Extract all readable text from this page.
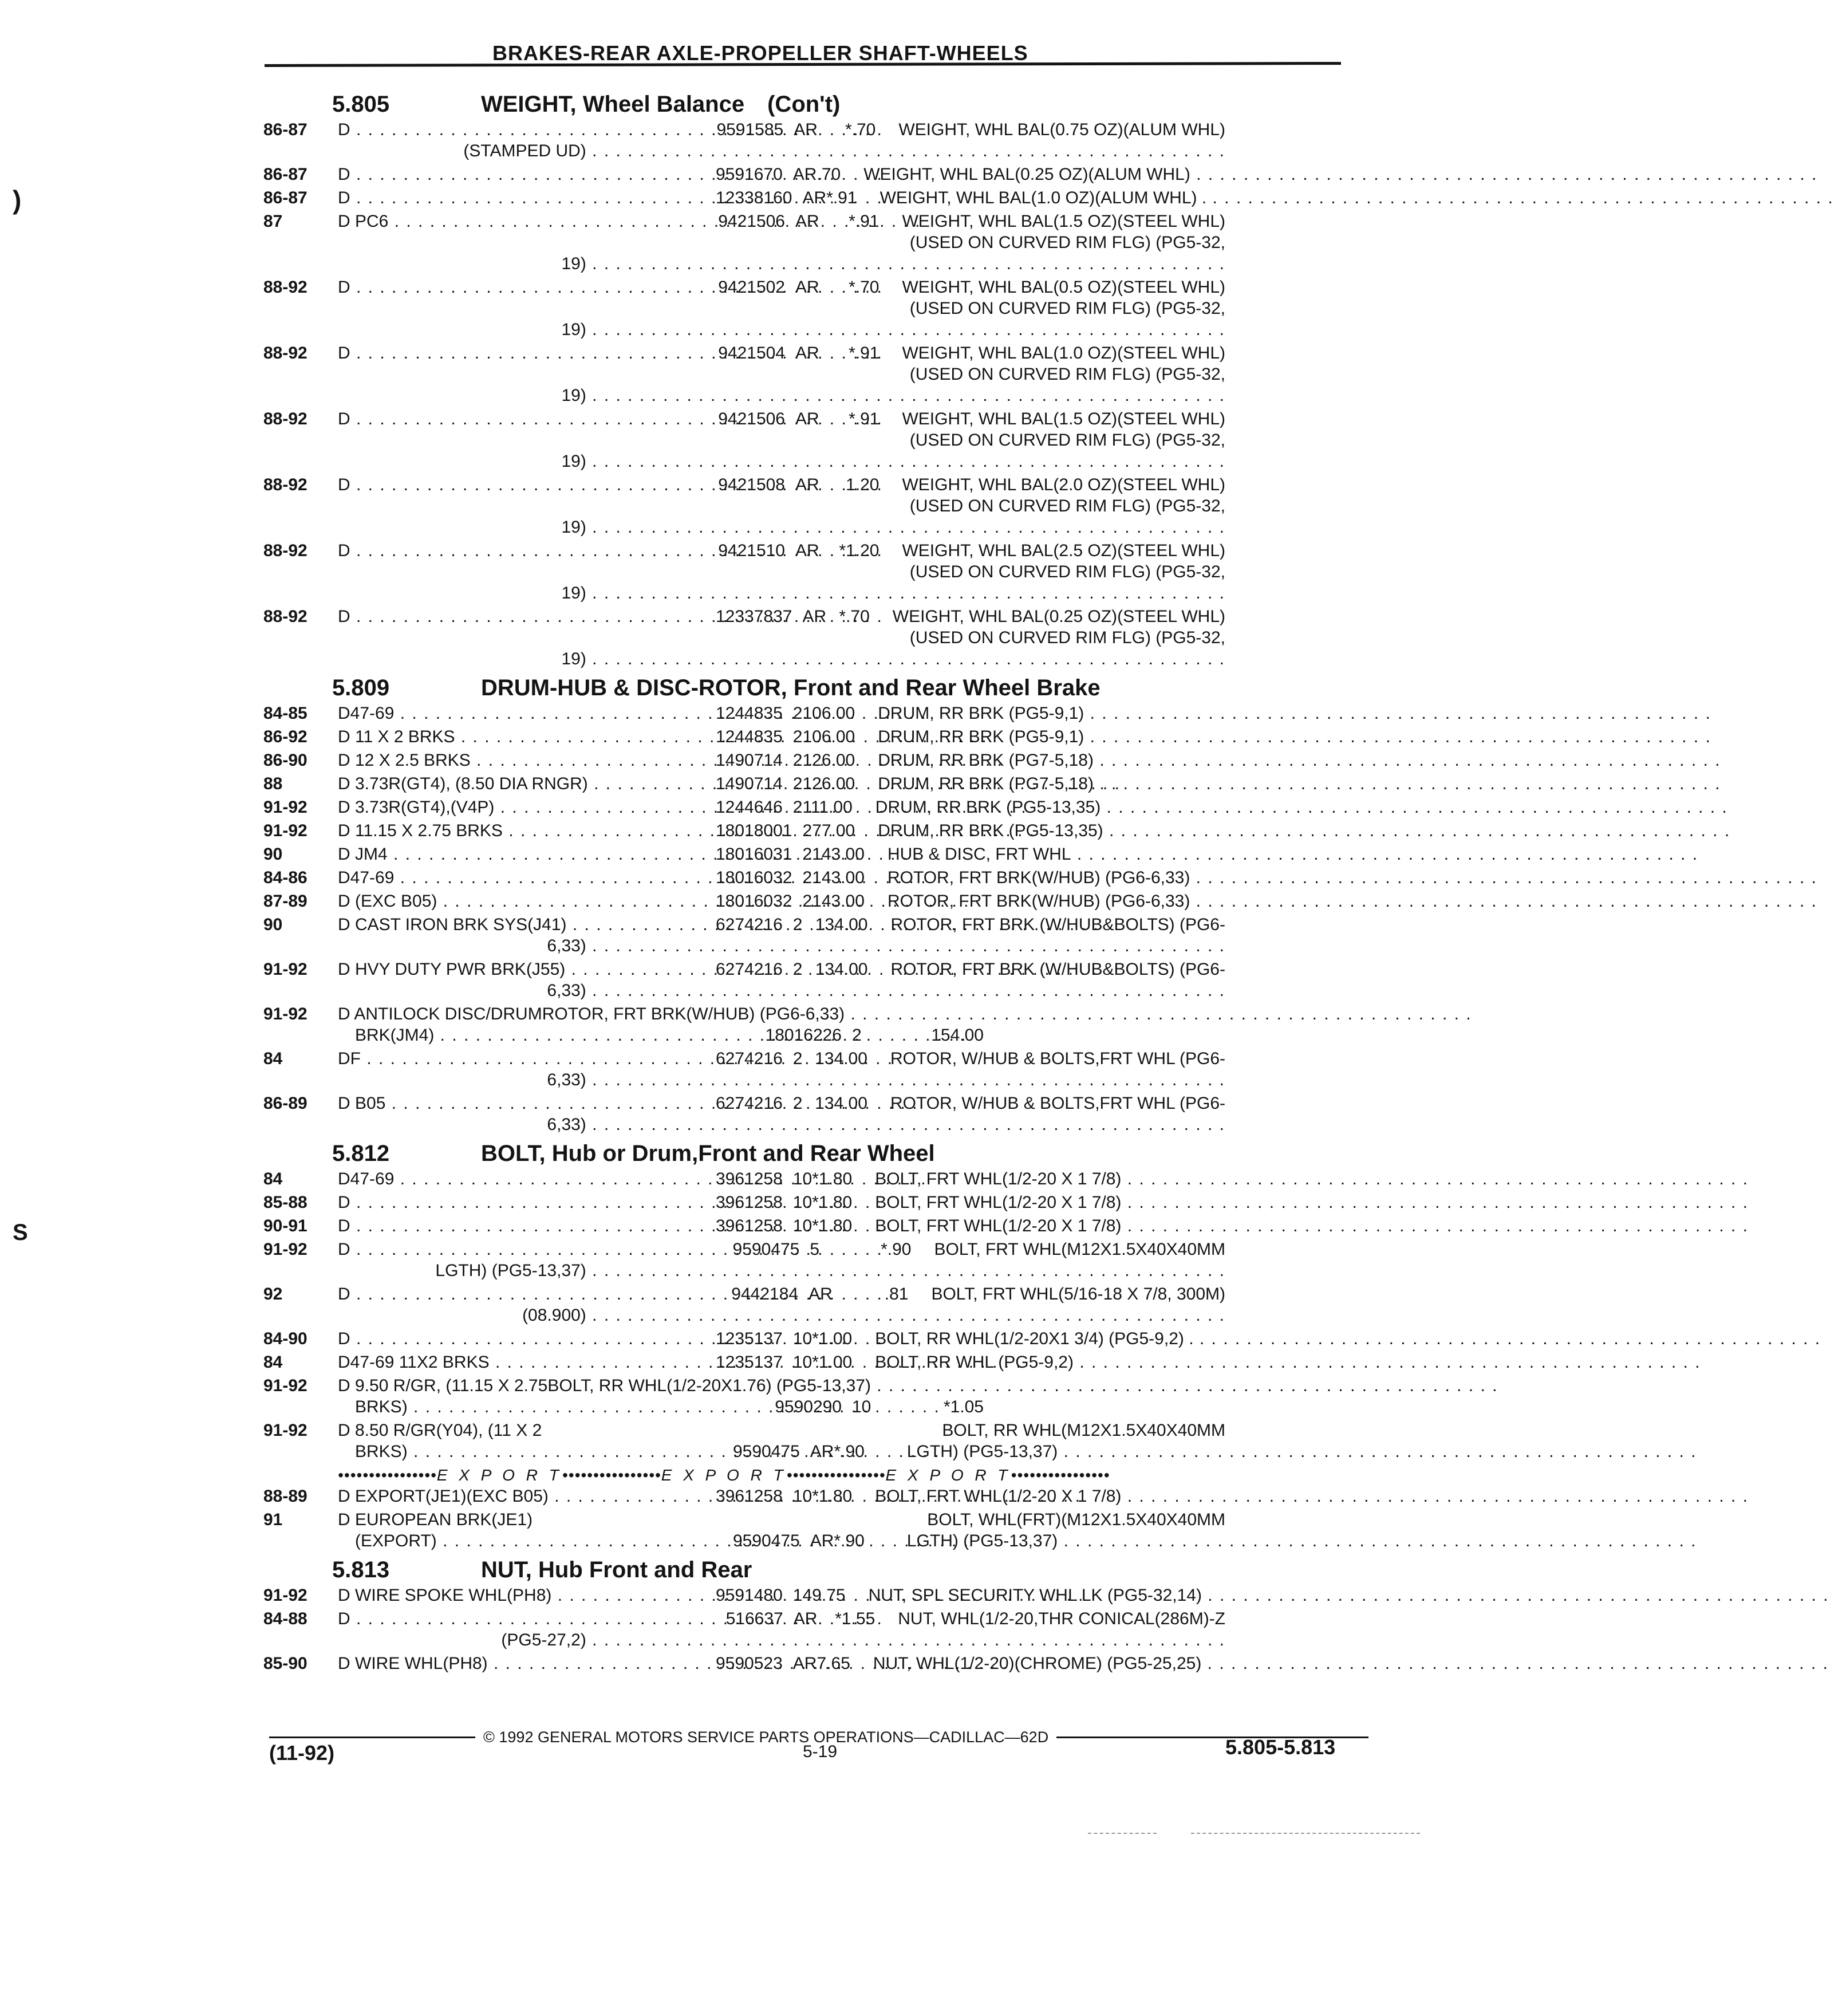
BRAKES-REAR AXLE-PROPELLER SHAFT-WHEELS
)
S
5.805	WEIGHT, Wheel Balance (Con't)
86-87	D . . .	9591585 AR	*.70	WEIGHT, WHL BAL(0.75 OZ)(ALUM WHL)
(STAMPED UD) . . .
86-87	D . . .	9591670 AR .70	WEIGHT, WHL BAL(0.25 OZ)(ALUM WHL) . . .
86-87	D . . .	12338160 AR *.91	WEIGHT, WHL BAL(1.0 OZ)(ALUM WHL) . . . .
87	D PC6 . . .	9421506 AR	*.91	WEIGHT, WHL BAL(1.5 OZ)(STEEL WHL)
(USED ON CURVED RIM FLG) (PG5-32,
19) . . .
88-92	D . . .	9421502 AR	*.70	WEIGHT, WHL BAL(0.5 OZ)(STEEL WHL)
(USED ON CURVED RIM FLG) (PG5-32,
19) . . .
88-92	D . . .	9421504 AR	*.91	WEIGHT, WHL BAL(1.0 OZ)(STEEL WHL)
(USED ON CURVED RIM FLG) (PG5-32,
19) . . .
88-92	D . . .	9421506 AR	*.91	WEIGHT, WHL BAL(1.5 OZ)(STEEL WHL)
(USED ON CURVED RIM FLG) (PG5-32,
19) . . .
88-92	D . . .	9421508 AR	1.20	WEIGHT, WHL BAL(2.0 OZ)(STEEL WHL)
(USED ON CURVED RIM FLG) (PG5-32,
19) . . .
88-92	D . . .	9421510 AR	*1.20	WEIGHT, WHL BAL(2.5 OZ)(STEEL WHL)
(USED ON CURVED RIM FLG) (PG5-32,
19) . . .
88-92	D . . .	12337837 AR *.70	WEIGHT, WHL BAL(0.25 OZ)(STEEL WHL)
(USED ON CURVED RIM FLG) (PG5-32,
19) . . .
5.809	DRUM-HUB & DISC-ROTOR, Front and Rear Wheel Brake
84-85	D47-69 . . .	1244835 2 106.00	DRUM, RR BRK (PG5-9,1) . . .
86-92	D 11 X 2 BRKS . . .	1244835 2 106.00	DRUM, RR BRK (PG5-9,1) . . .
86-90	D 12 X 2.5 BRKS . . .	1490714 2 126.00	DRUM, RR BRK (PG7-5,18) . . .
88	D 3.73R(GT4), (8.50 DIA RNGR) . . .	1490714 2 126.00	DRUM, RR BRK (PG7-5,18) . . .
91-92	D 3.73R(GT4),(V4P) . . .	1244646 2 111.00	DRUM, RR BRK (PG5-13,35) . . .
91-92	D 11.15 X 2.75 BRKS . . .	18018001 2 77.00	DRUM, RR BRK (PG5-13,35) . . .
90	D JM4 . . .	18016031 2 143.00	HUB & DISC, FRT WHL . . .
84-86	D47-69 . . .	18016032 2 143.00	ROTOR, FRT BRK(W/HUB) (PG6-6,33) . . .
87-89	D (EXC B05) . . .	18016032 2 143.00	ROTOR, FRT BRK(W/HUB) (PG6-6,33) . . .
90	D CAST IRON BRK SYS(J41) . . .	6274216 2 134.00	ROTOR, FRT BRK (W/HUB&BOLTS) (PG6-
6,33) . . .
91-92	D HVY DUTY PWR BRK(J55) . . .	6274216 2 134.00	ROTOR, FRT BRK (W/HUB&BOLTS) (PG6-
6,33) . . .
91-92	D ANTILOCK DISC/DRUM ROTOR, FRT BRK(W/HUB) (PG6-6,33) . . .
BRK(JM4) . . .	18016226 2	154.00
84	DF . . .	6274216 2 134.00	ROTOR, W/HUB & BOLTS,FRT WHL (PG6-
6,33) . . .
86-89	D B05 . . .	6274216 2 134.00	ROTOR, W/HUB & BOLTS,FRT WHL (PG6-
6,33) . . .
5.812	BOLT, Hub or Drum,Front and Rear Wheel
84	D47-69 . . .	3961258 10 *1.80	BOLT, FRT WHL(1/2-20 X 1 7/8) . . .
85-88	D . . .	3961258 10 *1.80	BOLT, FRT WHL(1/2-20 X 1 7/8) . . .
90-91	D . . .	3961258 10 *1.80	BOLT, FRT WHL(1/2-20 X 1 7/8) . . .
91-92	D . . .	9590475 5	*.90	BOLT, FRT WHL(M12X1.5X40X40MM
LGTH) (PG5-13,37) . . .
92	D . . .	9442184 AR	.81	BOLT, FRT WHL(5/16-18 X 7/8, 300M)
(08.900) . . .
84-90	D . . .	1235137 10 *1.00	BOLT, RR WHL(1/2-20X1 3/4) (PG5-9,2) . . . .
84	D47-69 11X2 BRKS . . .	1235137 10 *1.00	BOLT, RR WHL (PG5-9,2) . . .
91-92	D 9.50 R/GR, (11.15 X 2.75 BOLT, RR WHL(1/2-20X1.76) (PG5-13,37) . . .
BRKS) . . .	9590290 10	*1.05
91-92	D 8.50 R/GR(Y04), (11 X 2	BOLT, RR WHL(M12X1.5X40X40MM
BRKS) . . .	9590475 AR *.90	LGTH) (PG5-13,37) . . .
•••••••••••••••• E X P O R T •••••••••••••••• E X P O R T •••••••••••••••• E X P O R T ••••••••••••••••
88-89	D EXPORT(JE1)(EXC B05) . . .	3961258 10 *1.80	BOLT, FRT WHL(1/2-20 X 1 7/8) . . .
91	D EUROPEAN BRK(JE1)	BOLT, WHL(FRT)(M12X1.5X40X40MM
(EXPORT) . . .	9590475 AR *.90	LGTH) (PG5-13,37) . . .
5.813	NUT, Hub Front and Rear
91-92	D WIRE SPOKE WHL(PH8) . . .	9591480 1 49.75	NUT, SPL SECURITY WHL LK (PG5-32,14) . . .
84-88	D . . .	516637 AR	*1.55	NUT, WHL(1/2-20,THR CONICAL(286M)-Z
(PG5-27,2) . . .
85-90	D WIRE WHL(PH8) . . .	9590523 AR 7.65	NUT, WHL(1/2-20)(CHROME) (PG5-25,25) . . .
© 1992 GENERAL MOTORS SERVICE PARTS OPERATIONS—CADILLAC—62D
(11-92)	5-19	5.805-5.813
